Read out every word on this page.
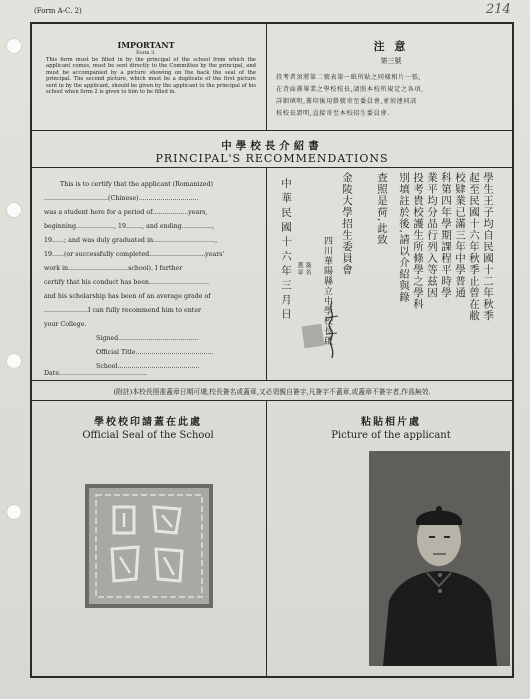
(Form A-C. 2)	214
IMPORTANT
Form 3.
This form must be filled in by the principal of the school from which the applicant comes, must be sent directly to the Committee by the principal, and must be accompanied by a picture showing on the back the seal of the principal. The second picture, which must be a duplicate of the first picture sent in by the applicant, should be given by the applicant to the principal of his school when form 2 is given to him to be filled in.
注 意
第三號
投考者須將第二號表第一紙所貼之同樣相片一張,
在背面蓋畢業之學校校長,請照本校所規定之各項,
詳細填明,蓋印後用掛號寄至委員會,並須連同該
校校長證明,直接寄至本校招生委員會.
中學校長介紹書
PRINCIPAL'S RECOMMENDATIONS
This is to certify that the applicant (Romanized)
................................(Chinese)..............................
was a student here for a period of..................years,
beginning..................., 19........, and ending...............,
19......; and was duly graduated in...............................,
19......(or successfully completed............................years'
work in..............................school). I further
certify that his conduct has been..............................
and his scholarship has been of an average grade of
......................I can fully recommend him to enter
your College.
Signed........................................
Official Title.......................................
School.........................................
Date............................................
學生王子均自民國十二年秋季
起至民國十六年秋季止曾在敝
校肄業已滿三年中學普通
科第四年學期課程平時學
業平均分品行列入等兹因
投考貴校護生所條學之學科
別填註於後,請以介紹與錄
查照是荷,此致
金陵大學招生委員會
四川華陽縣立中學校長啟
簽名
蓋章
中華民國十六年三月日
(附註)本校長照准蓋章日期可塡,校長簽名或蓋章,又必須親自簽字,凡簽字不蓋章,或蓋章不簽字者,作爲無效.
學校校印請蓋在此處
Official Seal of the School
粘貼相片處
Picture of the applicant
